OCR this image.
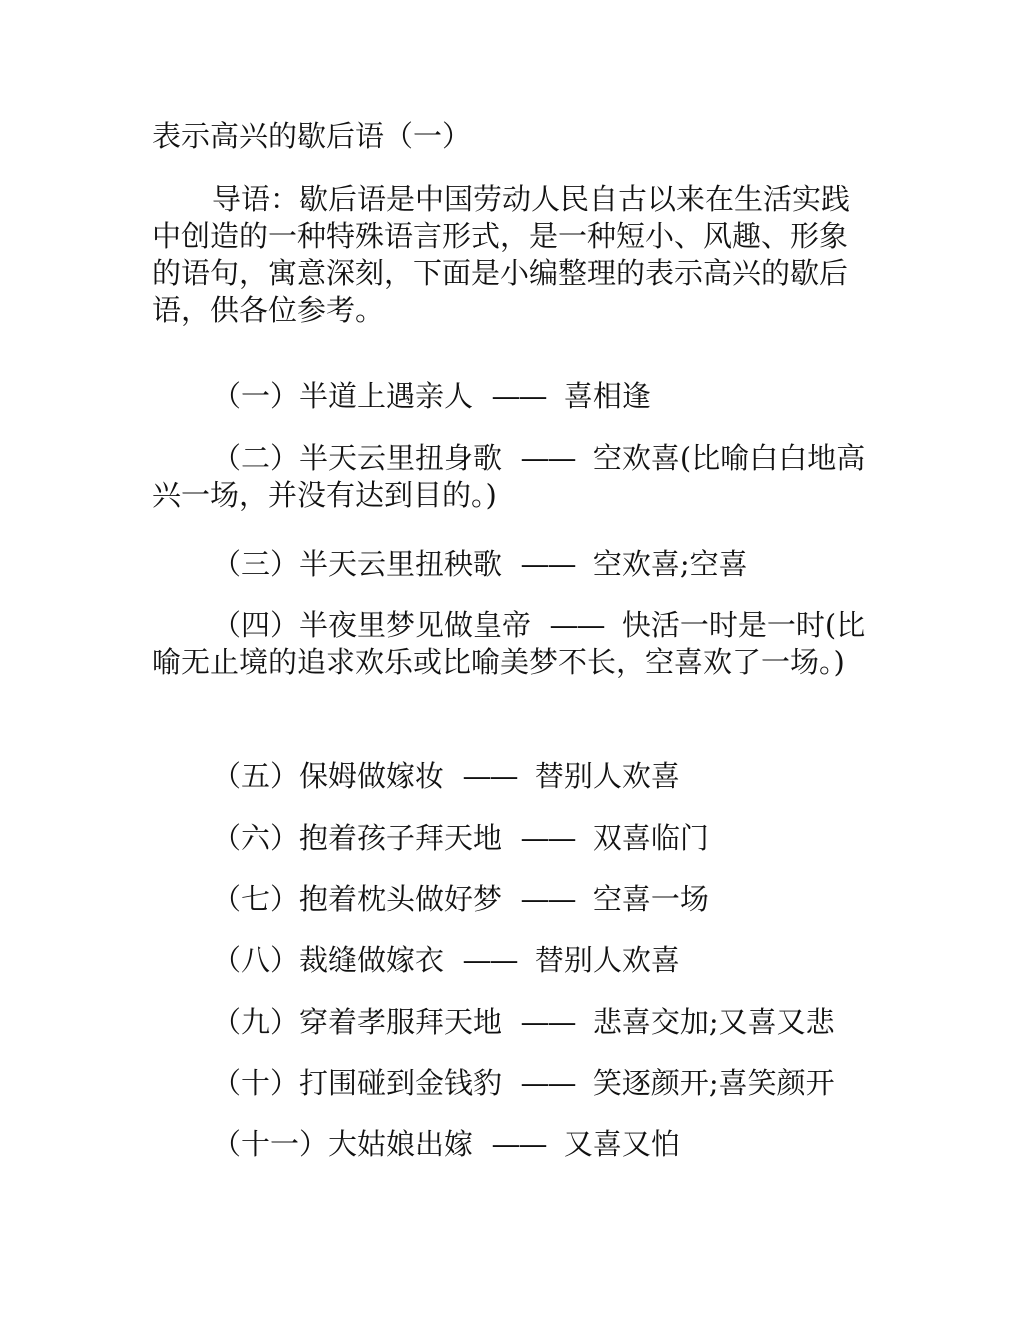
表示高兴的歇后语（一）
导语：歇后语是中国劳动人民自古以来在生活实践中创造的一种特殊语言形式，是一种短小、风趣、形象的语句，寓意深刻，下面是小编整理的表示高兴的歇后语，供各位参考。
（一）半道上遇亲人 —— 喜相逢
（二）半天云里扭身歌 —— 空欢喜(比喻白白地高兴一场，并没有达到目的。)
（三）半天云里扭秧歌 —— 空欢喜;空喜
（四）半夜里梦见做皇帝 —— 快活一时是一时(比喻无止境的追求欢乐或比喻美梦不长，空喜欢了一场。)
（五）保姆做嫁妆 —— 替别人欢喜
（六）抱着孩子拜天地 —— 双喜临门
（七）抱着枕头做好梦 —— 空喜一场
（八）裁缝做嫁衣 —— 替别人欢喜
（九）穿着孝服拜天地 —— 悲喜交加;又喜又悲
（十）打围碰到金钱豹 —— 笑逐颜开;喜笑颜开
（十一）大姑娘出嫁 —— 又喜又怕
